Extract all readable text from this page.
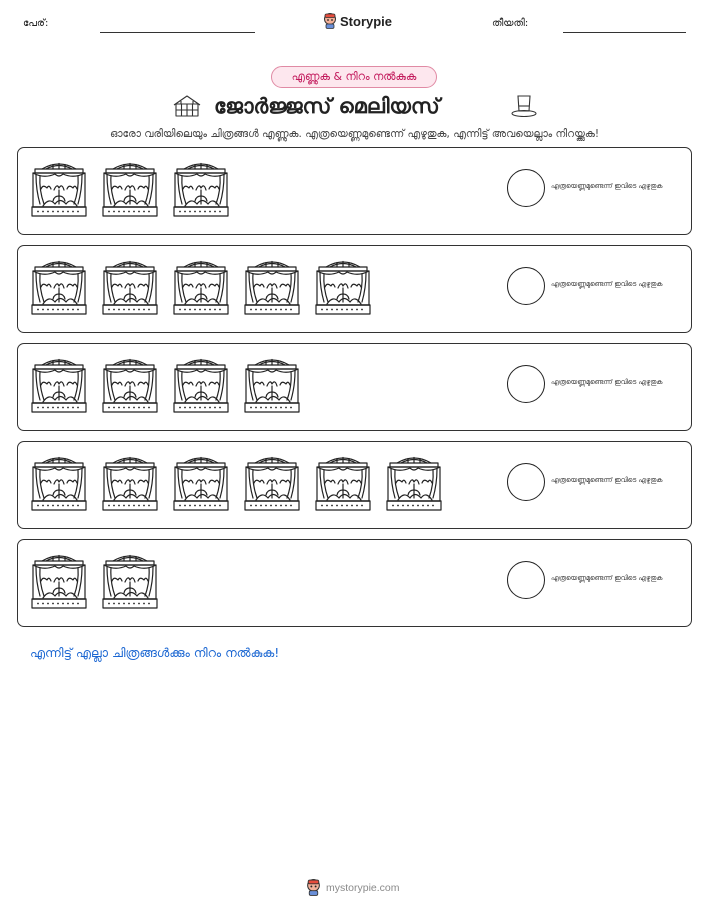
പേര്:	Storypie	തീയതി:
എണ്ണുക & നിറം നൽകുക
ജോർജ്ജസ് മെലിയസ്
ഓരോ വരിയിലെയും ചിത്രങ്ങൾ എണ്ണുക. എത്രയെണ്ണമുണ്ടെന്ന് എഴുതുക, എന്നിട്ട് അവയെല്ലാം നിറയ്ക്കുക!
എത്രയെണ്ണമുണ്ടെന്ന് ഇവിടെ എഴുതുക
എത്രയെണ്ണമുണ്ടെന്ന് ഇവിടെ എഴുതുക
എത്രയെണ്ണമുണ്ടെന്ന് ഇവിടെ എഴുതുക
എത്രയെണ്ണമുണ്ടെന്ന് ഇവിടെ എഴുതുക
എത്രയെണ്ണമുണ്ടെന്ന് ഇവിടെ എഴുതുക
എന്നിട്ട് എല്ലാ ചിത്രങ്ങൾക്കും നിറം നൽകുക!
mystorypie.com
